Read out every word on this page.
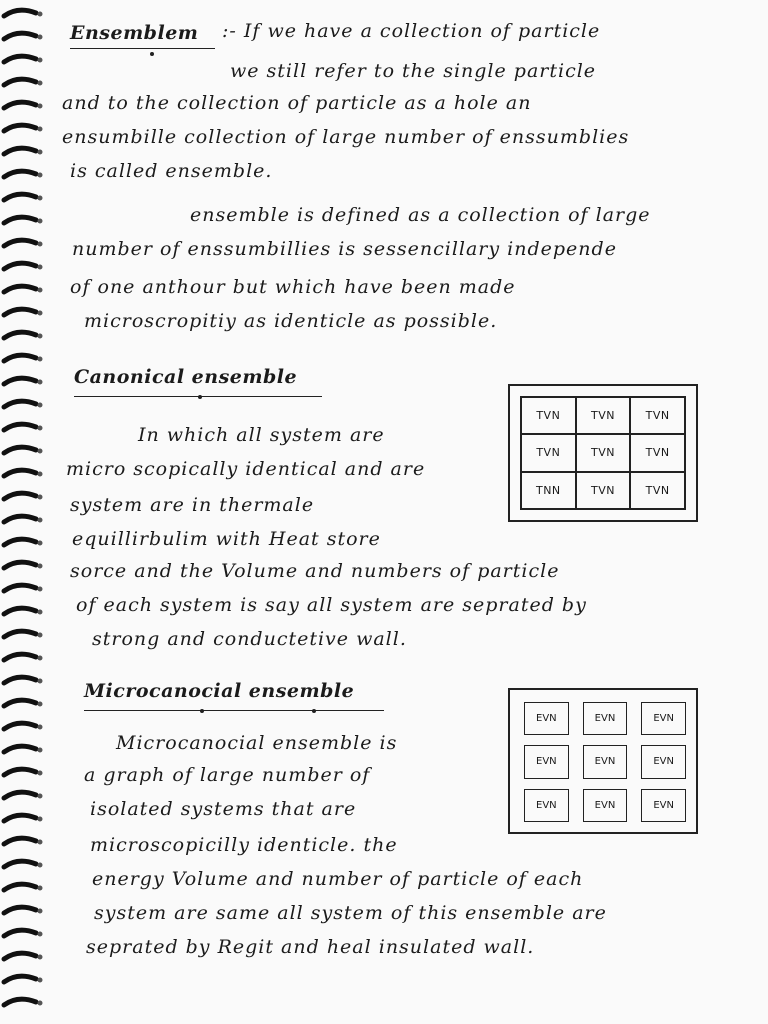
Ensemblem :- If we have a collection of particle
we still refer to the single particle
and to the collection of particle as a hole an
ensumbille collection of large number of enssumblies
is called ensemble.
ensemble is defined as a collection of large
number of enssumbillies is sessencillary independe
of one anthour but which have been made
microscropitiy as identicle as possible.
Canonical ensemble
In which all system are
micro scopically identical and are
system are in thermale
equillirbulim with Heat store
sorce and the Volume and numbers of particle
of each system is say all system are seprated by
strong and conductetive wall.
TVN	TVN	TVN
TVN	TVN	TVN
TNN	TVN	TVN
Microcanocial ensemble
Microcanocial ensemble is
a graph of large number of
isolated systems that are
microscopicilly identicle. the
energy Volume and number of particle of each
system are same all system of this ensemble are
seprated by Regit and heal insulated wall.
EVN	EVN	EVN
EVN	EVN	EVN
EVN	EVN	EVN
